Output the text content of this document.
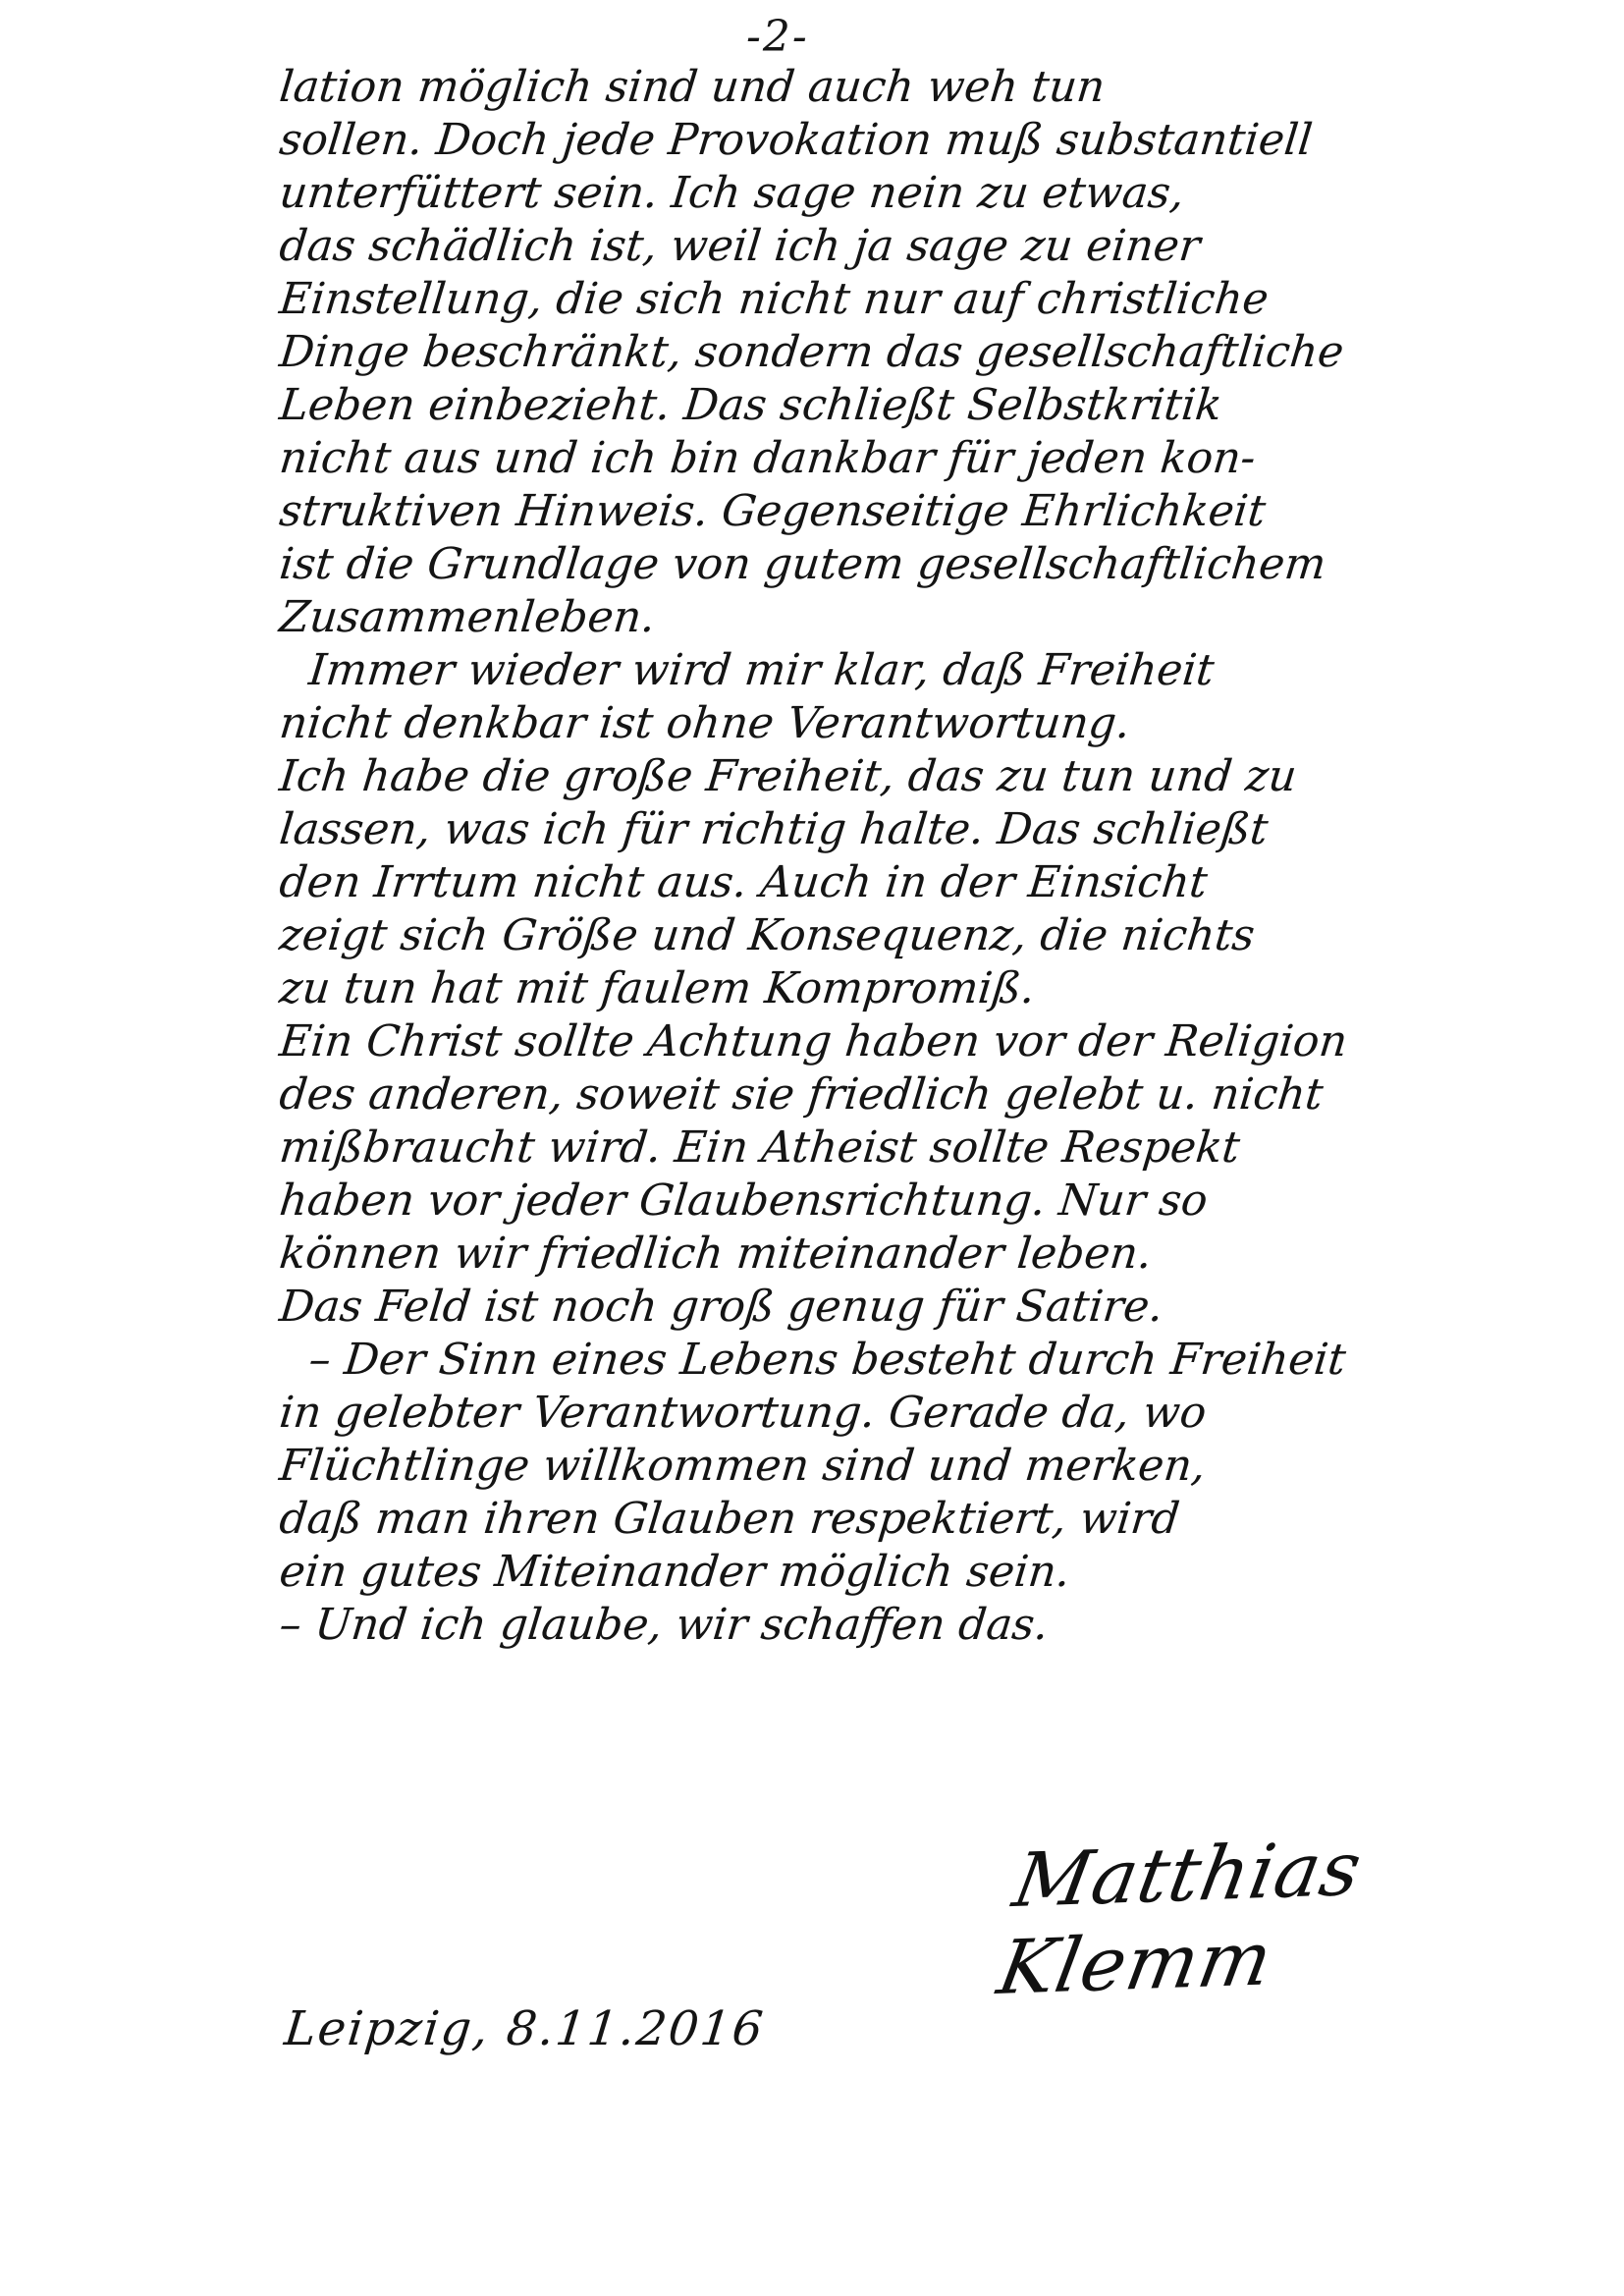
-2-
lation möglich sind und auch weh tun
sollen. Doch jede Provokation muß substantiell
unterfüttert sein. Ich sage nein zu etwas,
das schädlich ist, weil ich ja sage zu einer
Einstellung, die sich nicht nur auf christliche
Dinge beschränkt, sondern das gesellschaftliche
Leben einbezieht. Das schließt Selbstkritik
nicht aus und ich bin dankbar für jeden kon-
struktiven Hinweis. Gegenseitige Ehrlichkeit
ist die Grundlage von gutem gesellschaftlichem
Zusammenleben.
Immer wieder wird mir klar, daß Freiheit
nicht denkbar ist ohne Verantwortung.
Ich habe die große Freiheit, das zu tun und zu
lassen, was ich für richtig halte. Das schließt
den Irrtum nicht aus. Auch in der Einsicht
zeigt sich Größe und Konsequenz, die nichts
zu tun hat mit faulem Kompromiß.
Ein Christ sollte Achtung haben vor der Religion
des anderen, soweit sie friedlich gelebt u. nicht
mißbraucht wird. Ein Atheist sollte Respekt
haben vor jeder Glaubensrichtung. Nur so
können wir friedlich miteinander leben.
Das Feld ist noch groß genug für Satire.
– Der Sinn eines Lebens besteht durch Freiheit
in gelebter Verantwortung. Gerade da, wo
Flüchtlinge willkommen sind und merken,
daß man ihren Glauben respektiert, wird
ein gutes Miteinander möglich sein.
– Und ich glaube, wir schaffen das.
Matthias Klemm
Leipzig, 8.11.2016
